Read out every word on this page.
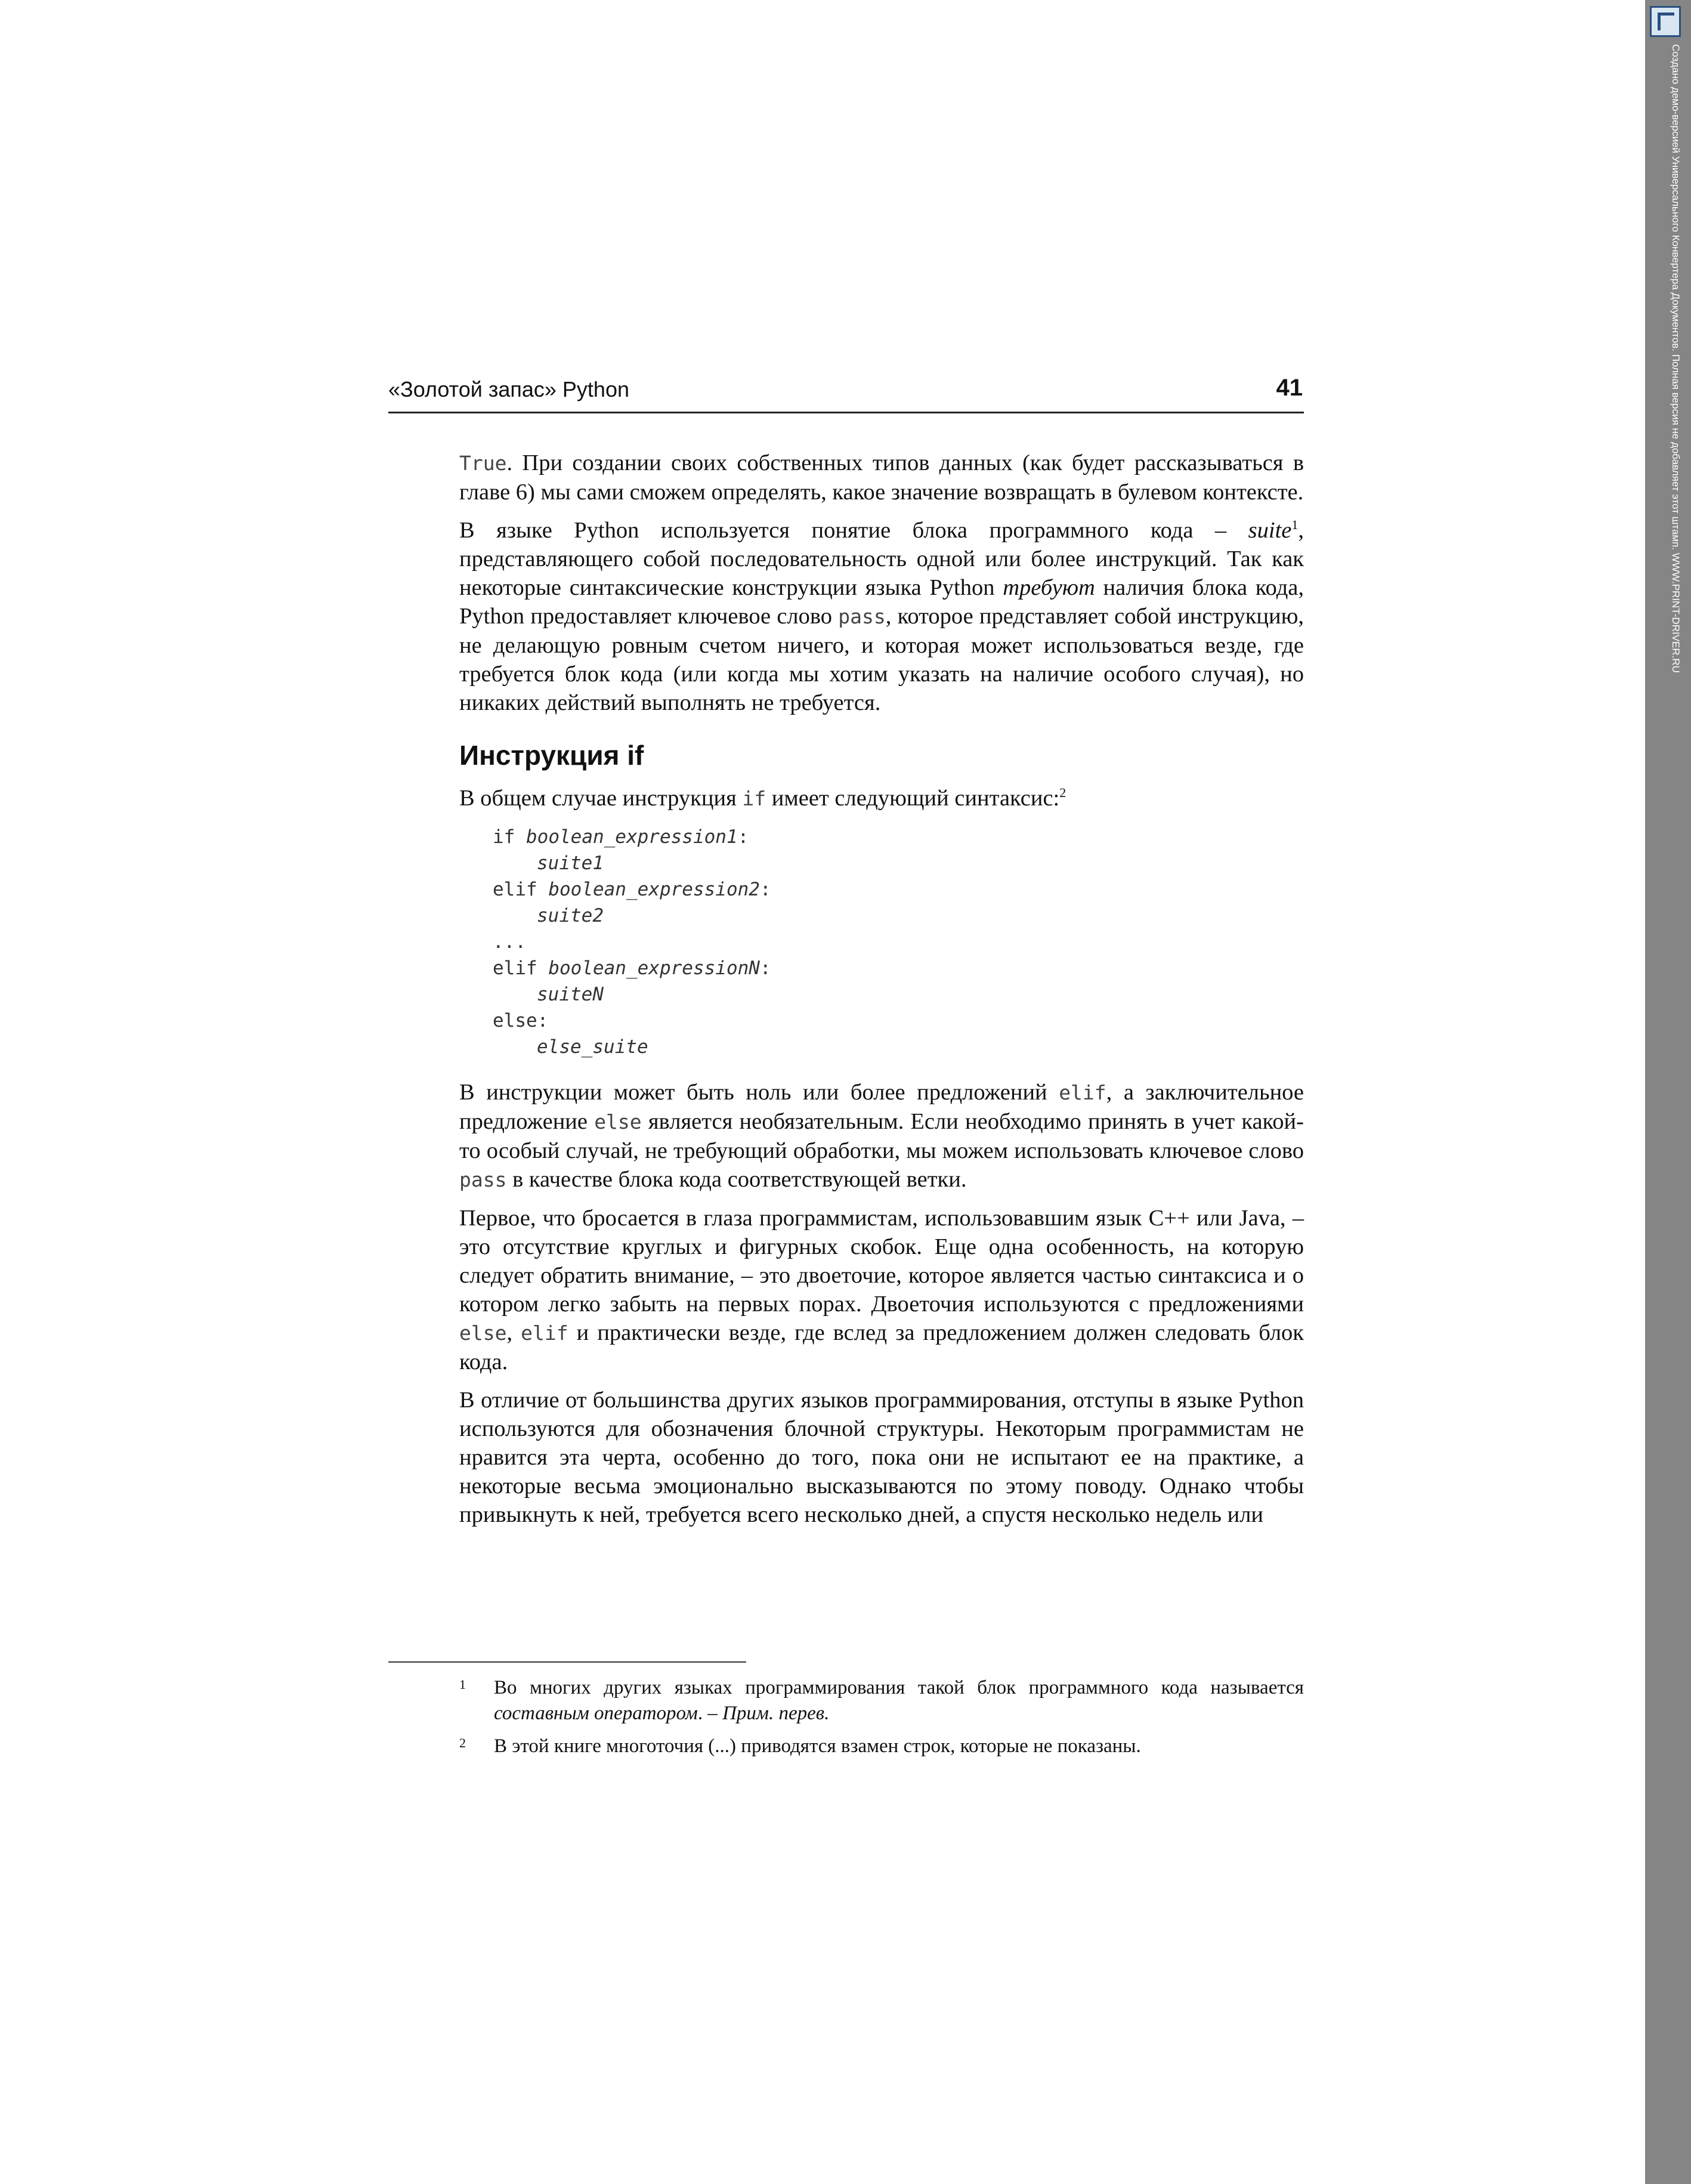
Создано демо-версией Универсального Конвертера Документов. Полная версия не добавляет этот штамп. WWW.PRINT-DRIVER.RU
«Золотой запас» Python	41

True. При создании своих собственных типов данных (как будет рассказываться в главе 6) мы сами сможем определять, какое значение возвращать в булевом контексте.

В языке Python используется понятие блока программного кода – suite$^1$, представляющего собой последовательность одной или более инструкций. Так как некоторые синтаксические конструкции языка Python требуют наличия блока кода, Python предоставляет ключевое слово pass, которое представляет собой инструкцию, не делающую ровным счетом ничего, и которая может использоваться везде, где требуется блок кода (или когда мы хотим указать на наличие особого случая), но никаких действий выполнять не требуется.

Инструкция if

В общем случае инструкция if имеет следующий синтаксис:$^2$

if boolean_expression1:
suite1
elif boolean_expression2:
suite2
...
elif boolean_expressionN:
suiteN
else:
else_suite

В инструкции может быть ноль или более предложений elif, а заключительное предложение else является необязательным. Если необходимо принять в учет какой-то особый случай, не требующий обработки, мы можем использовать ключевое слово pass в качестве блока кода соответствующей ветки.

Первое, что бросается в глаза программистам, использовавшим язык C++ или Java, – это отсутствие круглых и фигурных скобок. Еще одна особенность, на которую следует обратить внимание, – это двоеточие, которое является частью синтаксиса и о котором легко забыть на первых порах. Двоеточия используются с предложениями else, elif и практически везде, где вслед за предложением должен следовать блок кода.

В отличие от большинства других языков программирования, отступы в языке Python используются для обозначения блочной структуры. Некоторым программистам не нравится эта черта, особенно до того, пока они не испытают ее на практике, а некоторые весьма эмоционально высказываются по этому поводу. Однако чтобы привыкнуть к ней, требуется всего несколько дней, а спустя несколько недель или

1 Во многих других языках программирования такой блок программного кода называется составным оператором. – Прим. перев.
2 В этой книге многоточия (...) приводятся взамен строк, которые не показаны.
